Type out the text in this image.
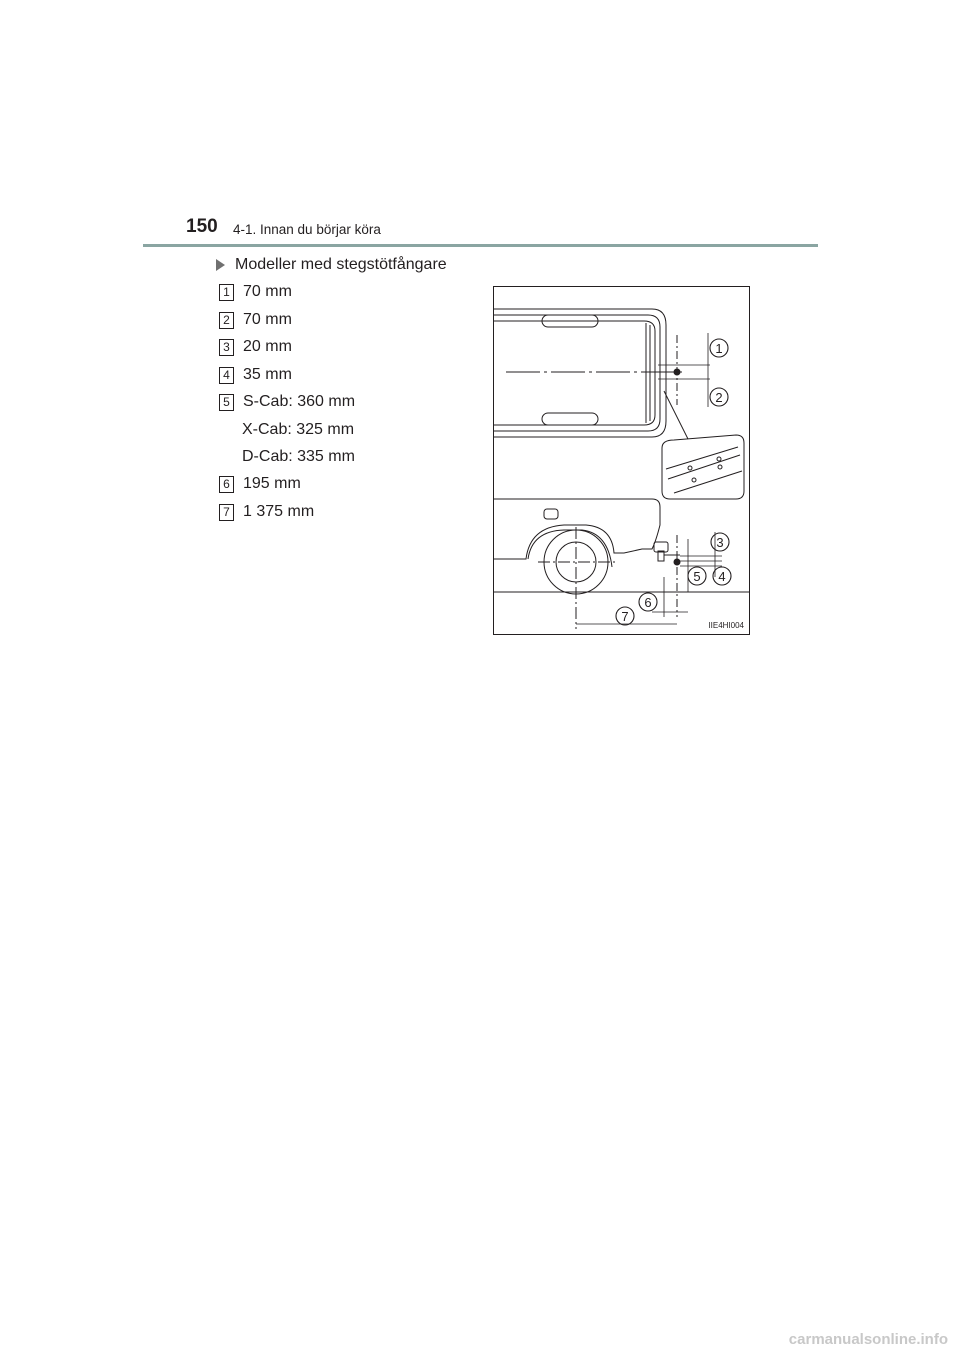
150 4-1. Innan du börjar köra
Modeller med stegstötfångare
1 70 mm
2 70 mm
3 20 mm
4 35 mm
5 S-Cab: 360 mm
X-Cab: 325 mm
D-Cab: 335 mm
6 195 mm
7 1 375 mm
1
2
3
5 4
6
7
IIE4HI004
carmanualsonline.info
